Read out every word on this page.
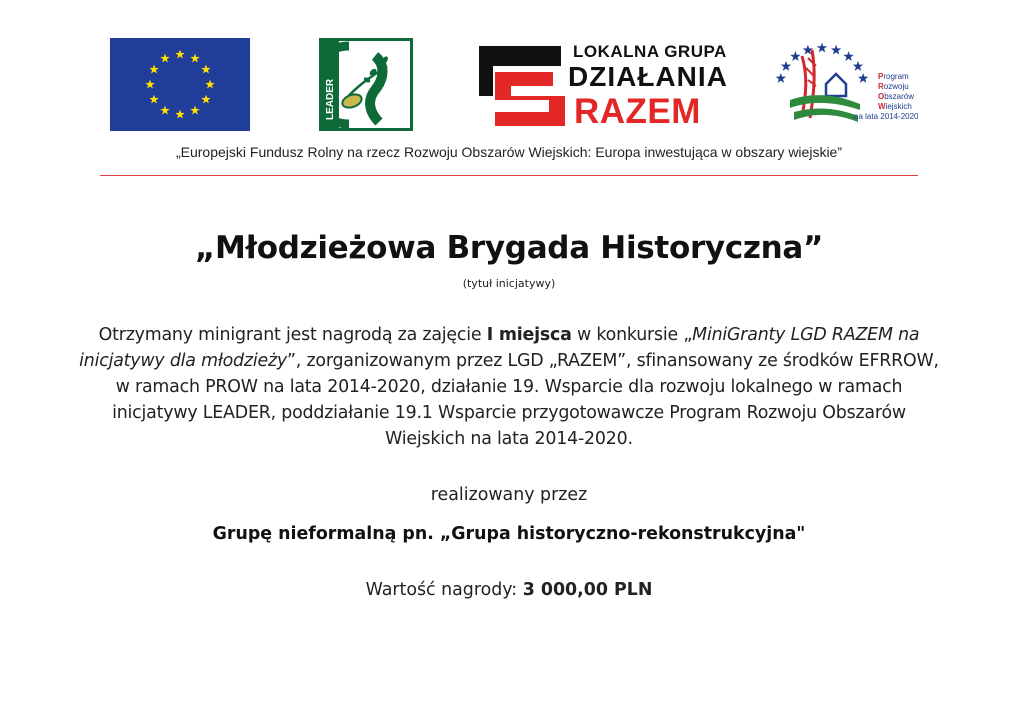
LEADER
LOKALNA GRUPA
DZIAŁANIA
RAZEM
Program
Rozwoju
Obszarów
Wiejskich
na lata 2014-2020
„Europejski Fundusz Rolny na rzecz Rozwoju Obszarów Wiejskich: Europa inwestująca w obszary wiejskie”
„Młodzieżowa Brygada Historyczna”
(tytuł inicjatywy)
Otrzymany minigrant jest nagrodą za zajęcie I miejsca w konkursie „MiniGranty LGD RAZEM na inicjatywy dla młodzieży”, zorganizowanym przez LGD „RAZEM”, sfinansowany ze środków EFRROW, w ramach PROW na lata 2014-2020, działanie 19. Wsparcie dla rozwoju lokalnego w ramach inicjatywy LEADER, poddziałanie 19.1 Wsparcie przygotowawcze Program Rozwoju Obszarów Wiejskich na lata 2014-2020.
realizowany przez
Grupę nieformalną pn. „Grupa historyczno-rekonstrukcyjna"
Wartość nagrody: 3 000,00 PLN
